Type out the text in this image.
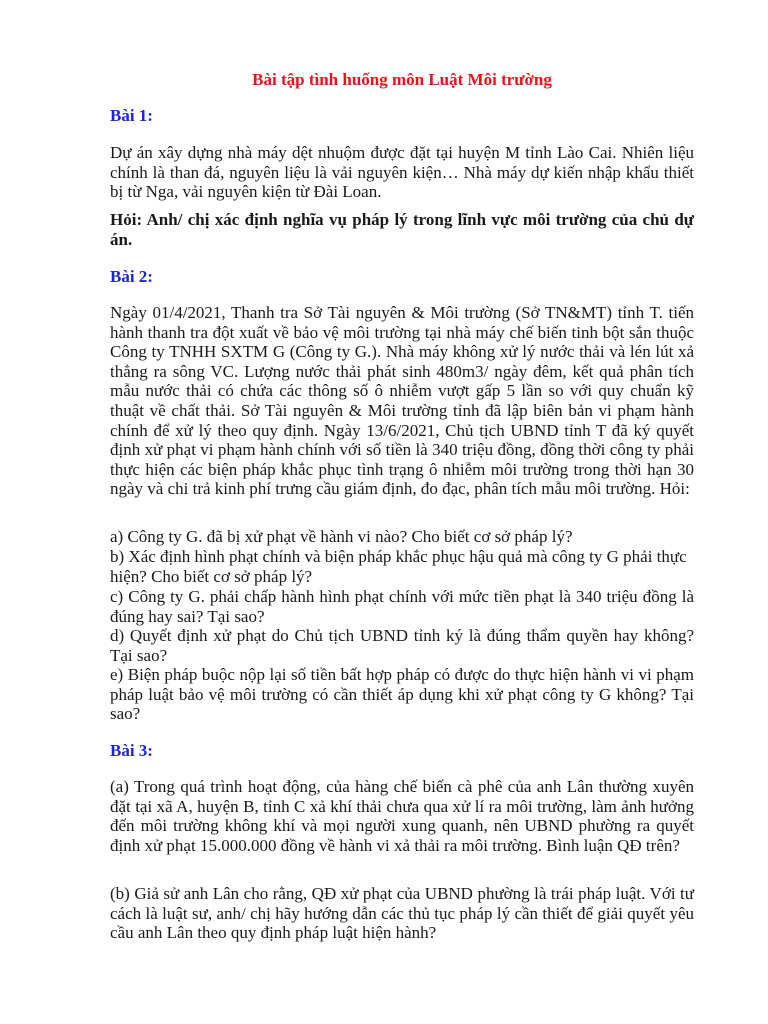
Bài tập tình huống môn Luật Môi trường

Bài 1:

Dự án xây dựng nhà máy dệt nhuộm được đặt tại huyện M tỉnh Lào Cai. Nhiên liệu chính là than đá, nguyên liệu là vải nguyên kiện… Nhà máy dự kiến nhập khẩu thiết bị từ Nga, vải nguyên kiện từ Đài Loan.

Hỏi: Anh/ chị xác định nghĩa vụ pháp lý trong lĩnh vực môi trường của chủ dự án.

Bài 2:

Ngày 01/4/2021, Thanh tra Sở Tài nguyên & Môi trường (Sở TN&MT) tỉnh T. tiến hành thanh tra đột xuất về bảo vệ môi trường tại nhà máy chế biến tinh bột sắn thuộc Công ty TNHH SXTM G (Công ty G.). Nhà máy không xử lý nước thải và lén lút xả thẳng ra sông VC. Lượng nước thải phát sinh 480m3/ ngày đêm, kết quả phân tích mẫu nước thải có chứa các thông số ô nhiễm vượt gấp 5 lần so với quy chuẩn kỹ thuật về chất thải. Sở Tài nguyên & Môi trường tỉnh đã lập biên bản vi phạm hành chính để xử lý theo quy định. Ngày 13/6/2021, Chủ tịch UBND tỉnh T đã ký quyết định xử phạt vi phạm hành chính với số tiền là 340 triệu đồng, đồng thời công ty phải thực hiện các biện pháp khắc phục tình trạng ô nhiễm môi trường trong thời hạn 30 ngày và chi trả kinh phí trưng cầu giám định, đo đạc, phân tích mẫu môi trường. Hỏi:

a) Công ty G. đã bị xử phạt về hành vi nào? Cho biết cơ sở pháp lý?

b) Xác định hình phạt chính và biện pháp khắc phục hậu quả mà công ty G phải thực hiện? Cho biết cơ sở pháp lý?

c) Công ty G. phải chấp hành hình phạt chính với mức tiền phạt là 340 triệu đồng là đúng hay sai? Tại sao?

d) Quyết định xử phạt do Chủ tịch UBND tỉnh ký là đúng thẩm quyền hay không? Tại sao?

e) Biện pháp buộc nộp lại số tiền bất hợp pháp có được do thực hiện hành vi vi phạm pháp luật bảo vệ môi trường có cần thiết áp dụng khi xử phạt công ty G không? Tại sao?

Bài 3:

(a) Trong quá trình hoạt động, của hàng chế biến cà phê của anh Lân thường xuyên đặt tại xã A, huyện B, tỉnh C xả khí thải chưa qua xử lí ra môi trường, làm ảnh hưởng đến môi trường không khí và mọi người xung quanh, nên UBND phường ra quyết định xử phạt 15.000.000 đồng về hành vi xả thải ra môi trường. Bình luận QĐ trên?

(b) Giả sử anh Lân cho rằng, QĐ xử phạt của UBND phường là trái pháp luật. Với tư cách là luật sư, anh/ chị hãy hướng dẫn các thủ tục pháp lý cần thiết để giải quyết yêu cầu anh Lân theo quy định pháp luật hiện hành?
